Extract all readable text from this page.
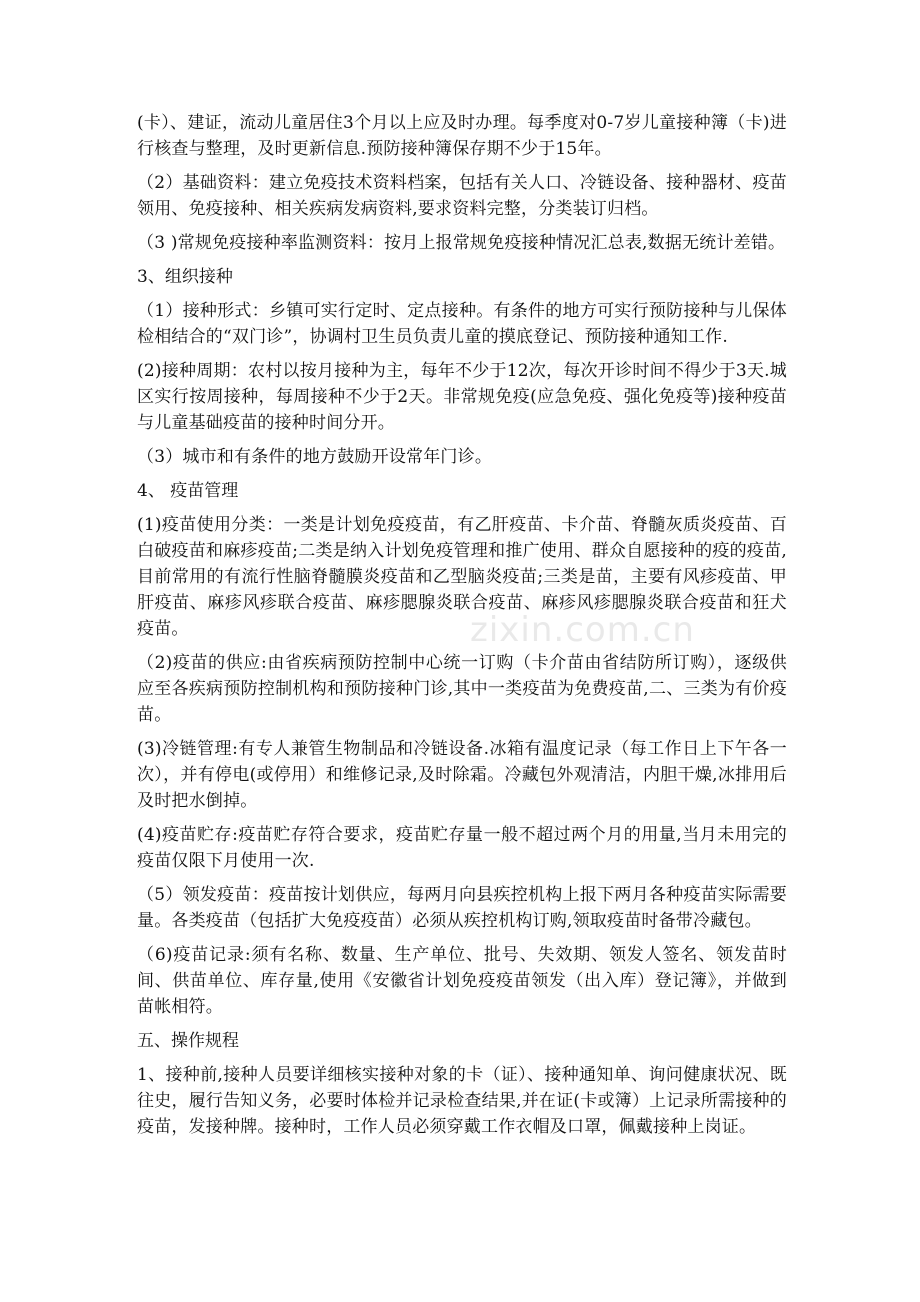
zixin.com.cn

(卡）、建证，流动儿童居住3个月以上应及时办理。每季度对0-7岁儿童接种簿（卡)进行核查与整理，及时更新信息.预防接种簿保存期不少于15年。

（2）基础资料：建立免疫技术资料档案，包括有关人口、冷链设备、接种器材、疫苗领用、免疫接种、相关疾病发病资料,要求资料完整，分类装订归档。

（3 )常规免疫接种率监测资料：按月上报常规免疫接种情况汇总表,数据无统计差错。

3、组织接种

（1）接种形式：乡镇可实行定时、定点接种。有条件的地方可实行预防接种与儿保体检相结合的“双门诊”，协调村卫生员负责儿童的摸底登记、预防接种通知工作.

(2)接种周期：农村以按月接种为主，每年不少于12次，每次开诊时间不得少于3天.城区实行按周接种，每周接种不少于2天。非常规免疫(应急免疫、强化免疫等)接种疫苗与儿童基础疫苗的接种时间分开。

（3）城市和有条件的地方鼓励开设常年门诊。

4、 疫苗管理

(1)疫苗使用分类：一类是计划免疫疫苗，有乙肝疫苗、卡介苗、脊髓灰质炎疫苗、百白破疫苗和麻疹疫苗;二类是纳入计划免疫管理和推广使用、群众自愿接种的疫的疫苗,目前常用的有流行性脑脊髓膜炎疫苗和乙型脑炎疫苗;三类是苗，主要有风疹疫苗、甲肝疫苗、麻疹风疹联合疫苗、麻疹腮腺炎联合疫苗、麻疹风疹腮腺炎联合疫苗和狂犬疫苗。

（2)疫苗的供应:由省疾病预防控制中心统一订购（卡介苗由省结防所订购），逐级供应至各疾病预防控制机构和预防接种门诊,其中一类疫苗为免费疫苗,二、三类为有价疫苗。

(3)冷链管理:有专人兼管生物制品和冷链设备.冰箱有温度记录（每工作日上下午各一次），并有停电(或停用）和维修记录,及时除霜。冷藏包外观清洁，内胆干燥,冰排用后及时把水倒掉。

(4)疫苗贮存:疫苗贮存符合要求，疫苗贮存量一般不超过两个月的用量,当月未用完的疫苗仅限下月使用一次.

（5）领发疫苗：疫苗按计划供应，每两月向县疾控机构上报下两月各种疫苗实际需要量。各类疫苗（包括扩大免疫疫苗）必须从疾控机构订购,领取疫苗时备带冷藏包。

（6)疫苗记录:须有名称、数量、生产单位、批号、失效期、领发人签名、领发苗时间、供苗单位、库存量,使用《安徽省计划免疫疫苗领发（出入库）登记簿》，并做到苗帐相符。

五、操作规程

1、接种前,接种人员要详细核实接种对象的卡（证）、接种通知单、询问健康状况、既往史，履行告知义务，必要时体检并记录检查结果,并在证(卡或簿）上记录所需接种的疫苗，发接种牌。接种时，工作人员必须穿戴工作衣帽及口罩，佩戴接种上岗证。
